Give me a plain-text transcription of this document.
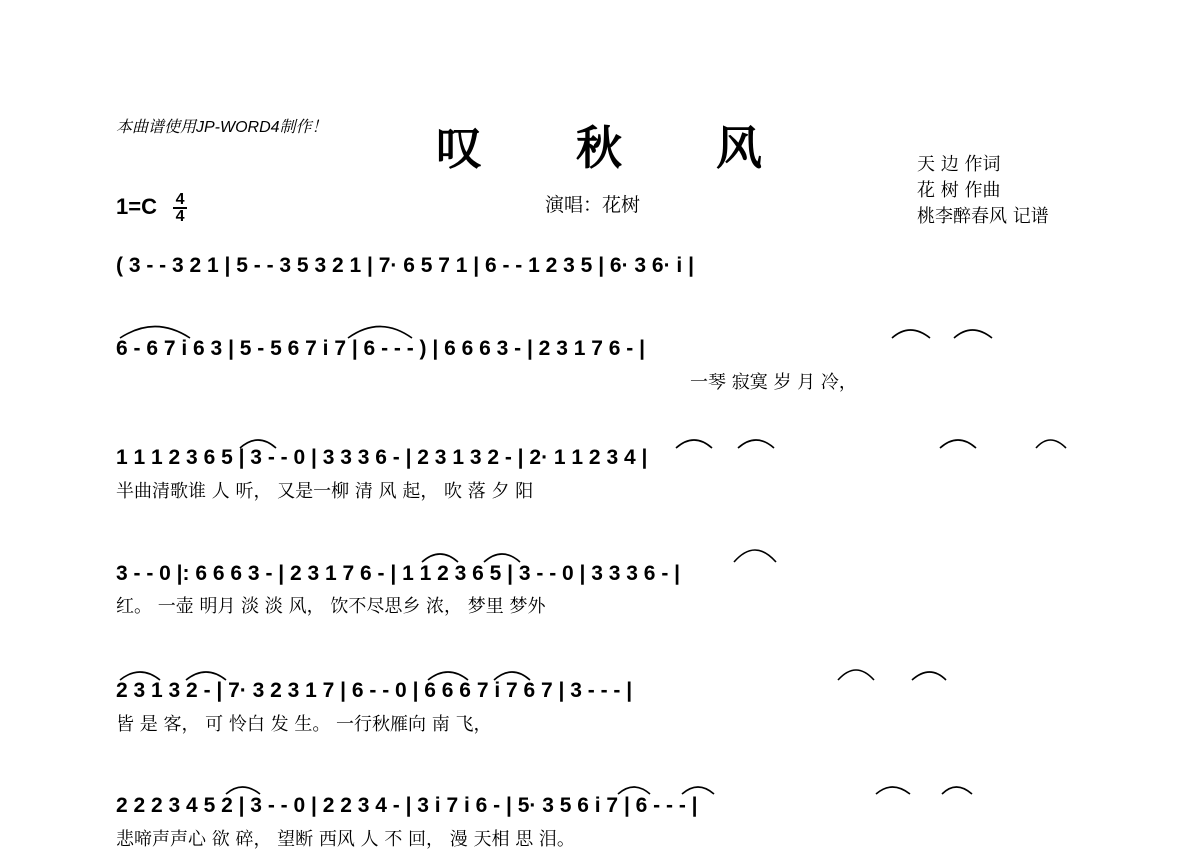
本曲谱使用JP-WORD4制作！ 叹 秋 风
$1=C \frac{4}{4}$	演唱：花树
天 边 作词
花 树 作曲
桃李醉春风 记谱
( 3 - - 3 2 1 | 5 - - 3 5 3 2 1 | 7· 6 5 7 1 | 6 - - 1 2 3 5 | 6· 3 6· i |
6 - 6 7 i 6 3 | 5 - 5 6 7 i 7 | 6 - - - ) | 6 6 6 3 - | 2 3 1 7 6 - |
一琴 寂寞 岁 月 冷，
1 1 1 2 3 6 5 | 3 - - 0 | 3 3 3 6 - | 2 3 1 3 2 - | 2· 1 1 2 3 4 |
半曲清歌谁 人 听， 又是一柳 清 风 起， 吹 落 夕 阳
3 - - 0 |: 6 6 6 3 - | 2 3 1 7 6 - | 1 1 2 3 6 5 | 3 - - 0 | 3 3 3 6 - |
红。 一壶 明月 淡 淡 风， 饮不尽思乡 浓， 梦里 梦外
2 3 1 3 2 - | 7· 3 2 3 1 7 | 6 - - 0 | 6 6 6 7 i 7 6 7 | 3 - - - |
皆 是 客， 可 怜白 发 生。 一行秋雁向 南 飞，
2 2 2 3 4 5 2 | 3 - - 0 | 2 2 3 4 - | 3 i 7 i 6 - | 5· 3 5 6 i 7 | 6 - - - |
悲啼声声心 欲 碎， 望断 西风 人 不 回， 漫 天相 思 泪。
